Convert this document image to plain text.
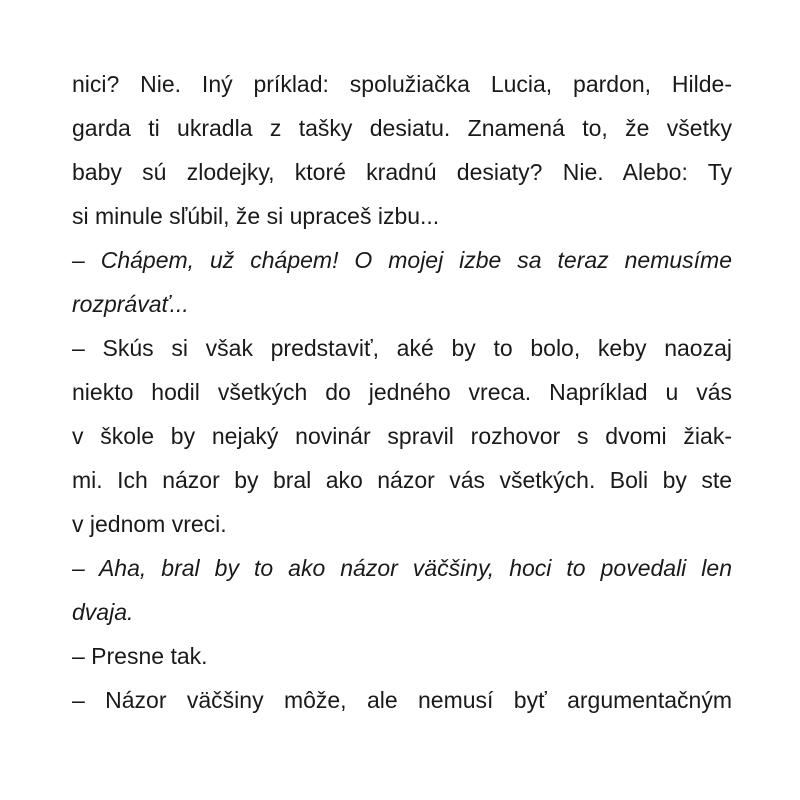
nici? Nie. Iný príklad: spolužiačka Lucia, pardon, Hilde-
garda ti ukradla z tašky desiatu. Znamená to, že všetky
baby sú zlodejky, ktoré kradnú desiaty? Nie. Alebo: Ty
si minule sľúbil, že si upraceš izbu...
– Chápem, už chápem! O mojej izbe sa teraz nemusíme
rozprávať...
– Skús si však predstaviť, aké by to bolo, keby naozaj
niekto hodil všetkých do jedného vreca. Napríklad u vás
v škole by nejaký novinár spravil rozhovor s dvomi žiak-
mi. Ich názor by bral ako názor vás všetkých. Boli by ste
v jednom vreci.
– Aha, bral by to ako názor väčšiny, hoci to povedali len
dvaja.
– Presne tak.
– Názor väčšiny môže, ale nemusí byť argumentačným
